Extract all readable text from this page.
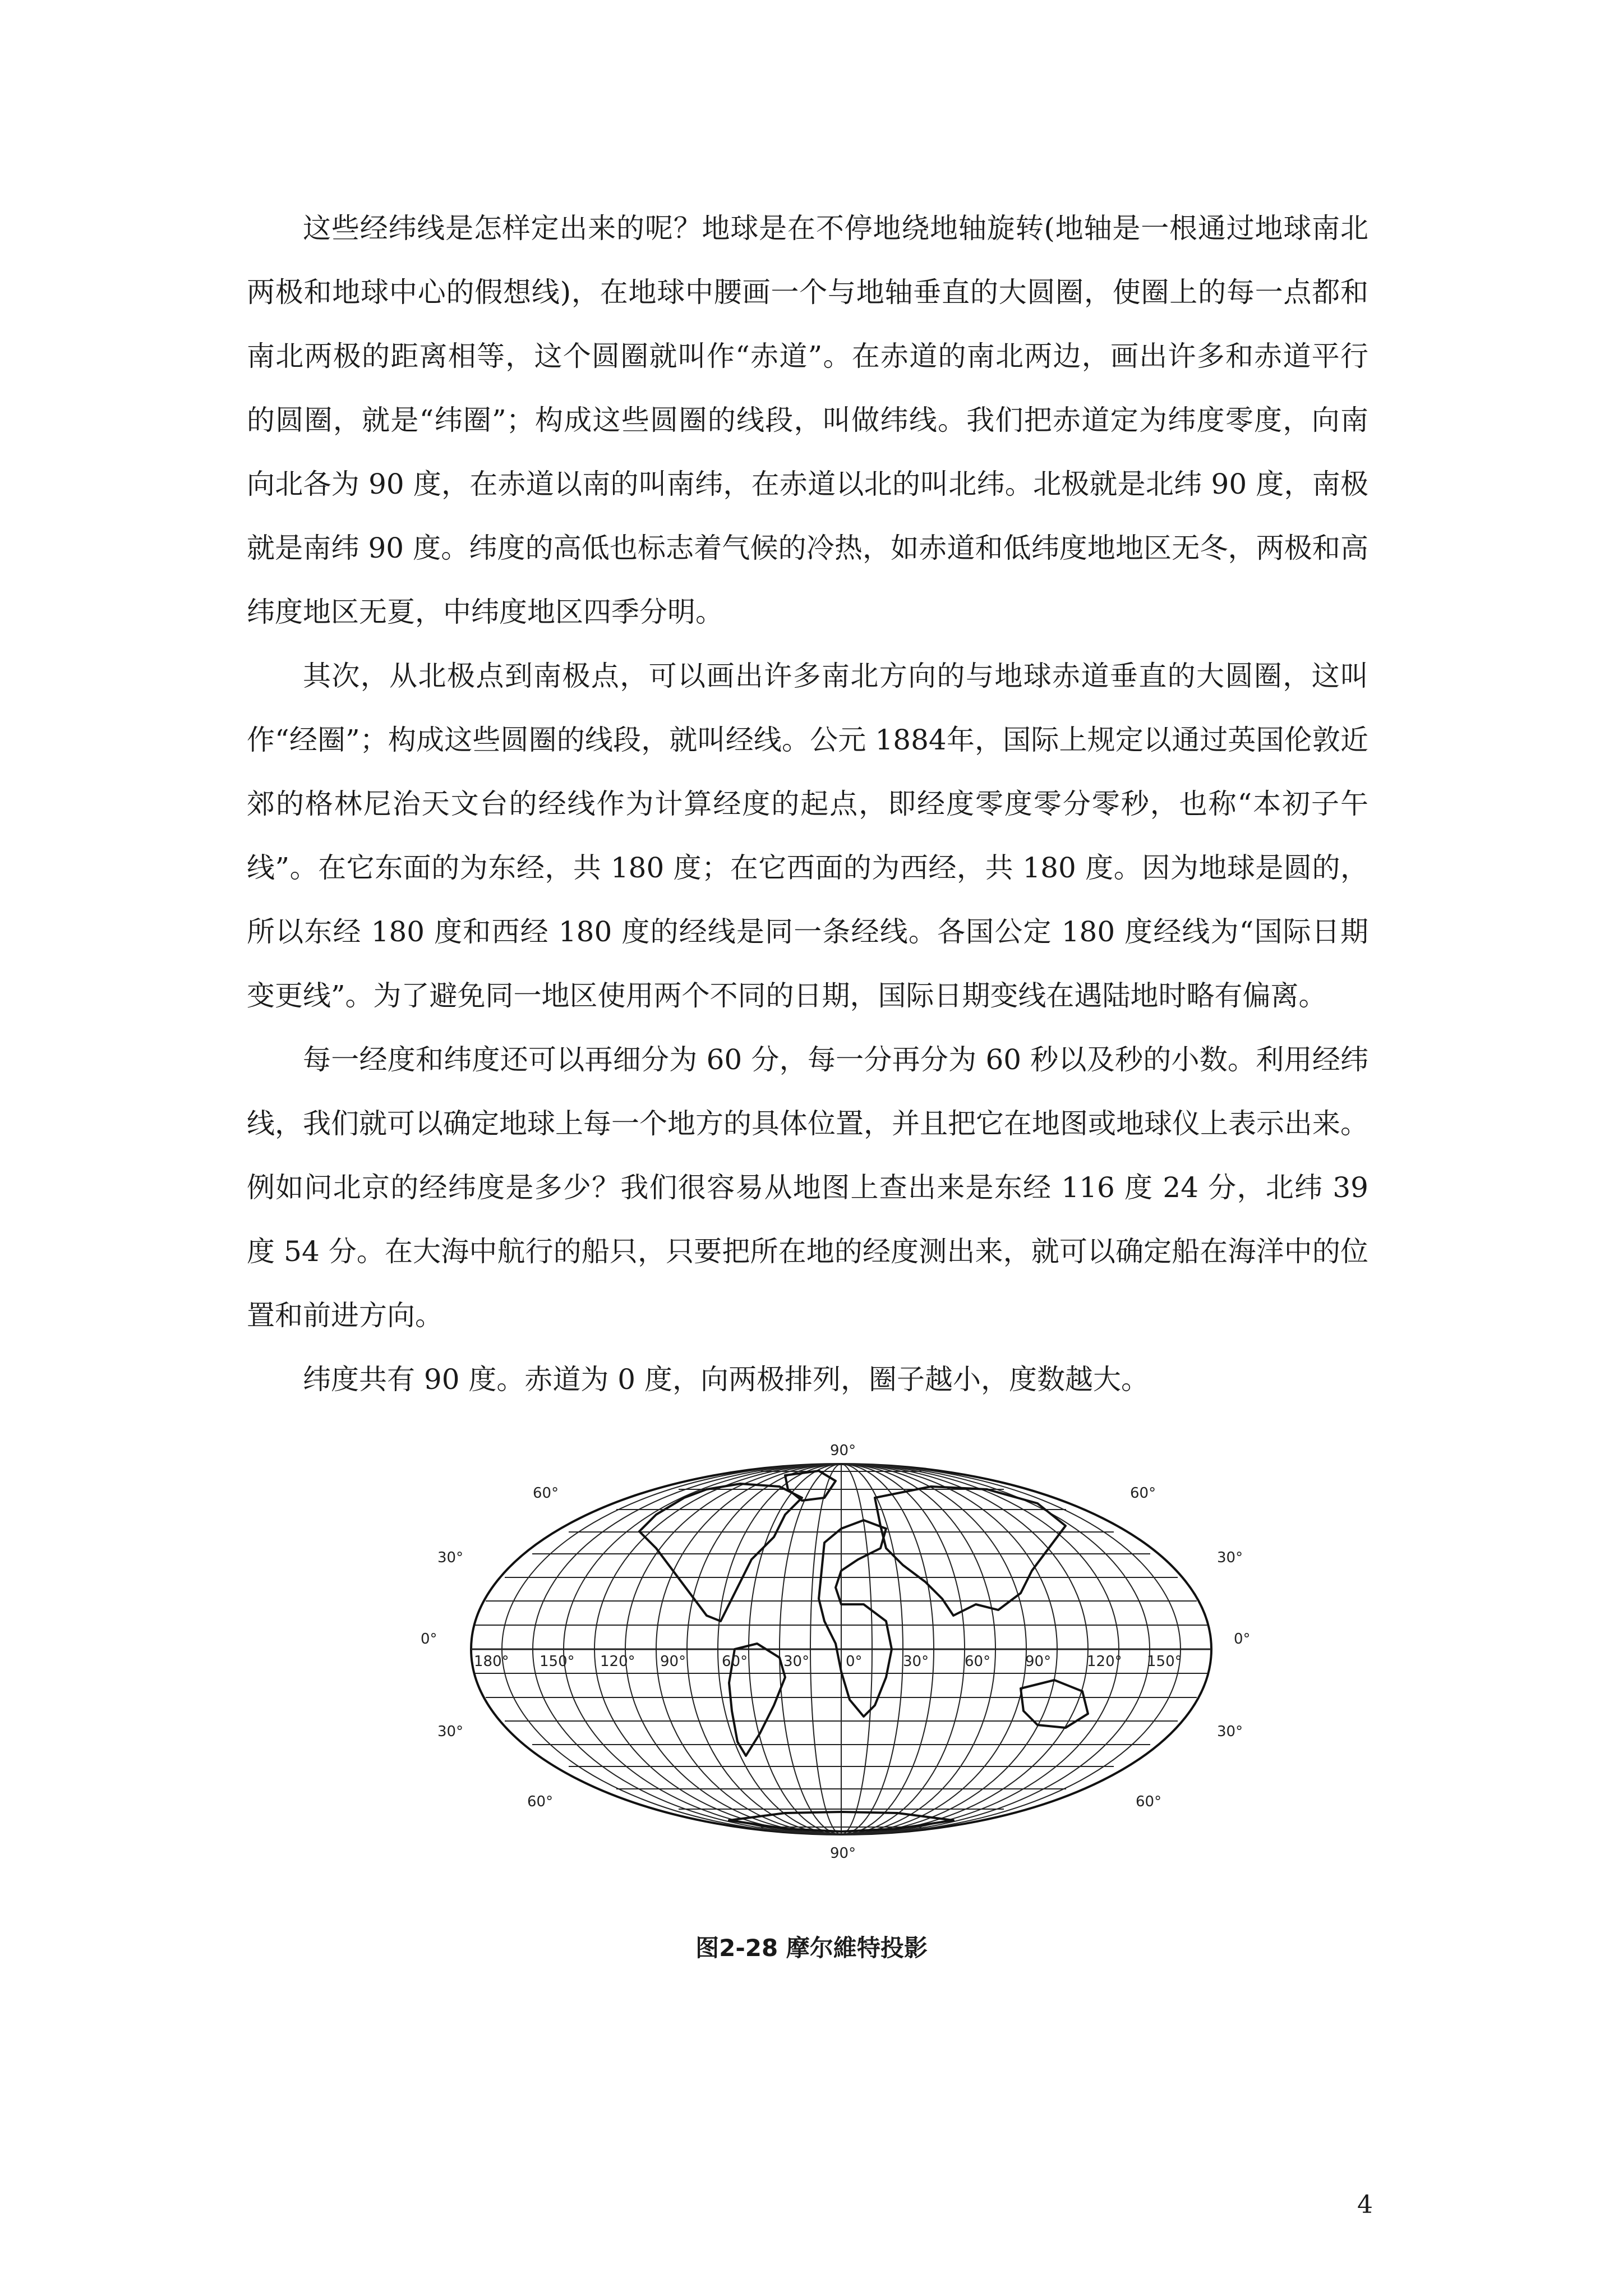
这些经纬线是怎样定出来的呢？地球是在不停地绕地轴旋转(地轴是一根通过地球南北两极和地球中心的假想线)，在地球中腰画一个与地轴垂直的大圆圈，使圈上的每一点都和南北两极的距离相等，这个圆圈就叫作“赤道”。在赤道的南北两边，画出许多和赤道平行的圆圈，就是“纬圈”；构成这些圆圈的线段，叫做纬线。我们把赤道定为纬度零度，向南向北各为 90 度，在赤道以南的叫南纬，在赤道以北的叫北纬。北极就是北纬 90 度，南极就是南纬 90 度。纬度的高低也标志着气候的冷热，如赤道和低纬度地地区无冬，两极和高纬度地区无夏，中纬度地区四季分明。

其次，从北极点到南极点，可以画出许多南北方向的与地球赤道垂直的大圆圈，这叫作“经圈”；构成这些圆圈的线段，就叫经线。公元 1884年，国际上规定以通过英国伦敦近郊的格林尼治天文台的经线作为计算经度的起点，即经度零度零分零秒，也称“本初子午线”。在它东面的为东经，共 180 度；在它西面的为西经，共 180 度。因为地球是圆的，所以东经 180 度和西经 180 度的经线是同一条经线。各国公定 180 度经线为“国际日期变更线”。为了避免同一地区使用两个不同的日期，国际日期变线在遇陆地时略有偏离。

每一经度和纬度还可以再细分为 60 分，每一分再分为 60 秒以及秒的小数。利用经纬线，我们就可以确定地球上每一个地方的具体位置，并且把它在地图或地球仪上表示出来。例如问北京的经纬度是多少？我们很容易从地图上查出来是东经 116 度 24 分，北纬 39 度 54 分。在大海中航行的船只，只要把所在地的经度测出来，就可以确定船在海洋中的位置和前进方向。

纬度共有 90 度。赤道为 0 度，向两极排列，圈子越小，度数越大。

90°
90°
60°	60°
30°	30°
0°	0°
30°	30°
60°	60°
180° 150° 120° 90° 60° 30° 0°	30° 60° 90° 120° 150°
图2-28 摩尔維特投影
4
